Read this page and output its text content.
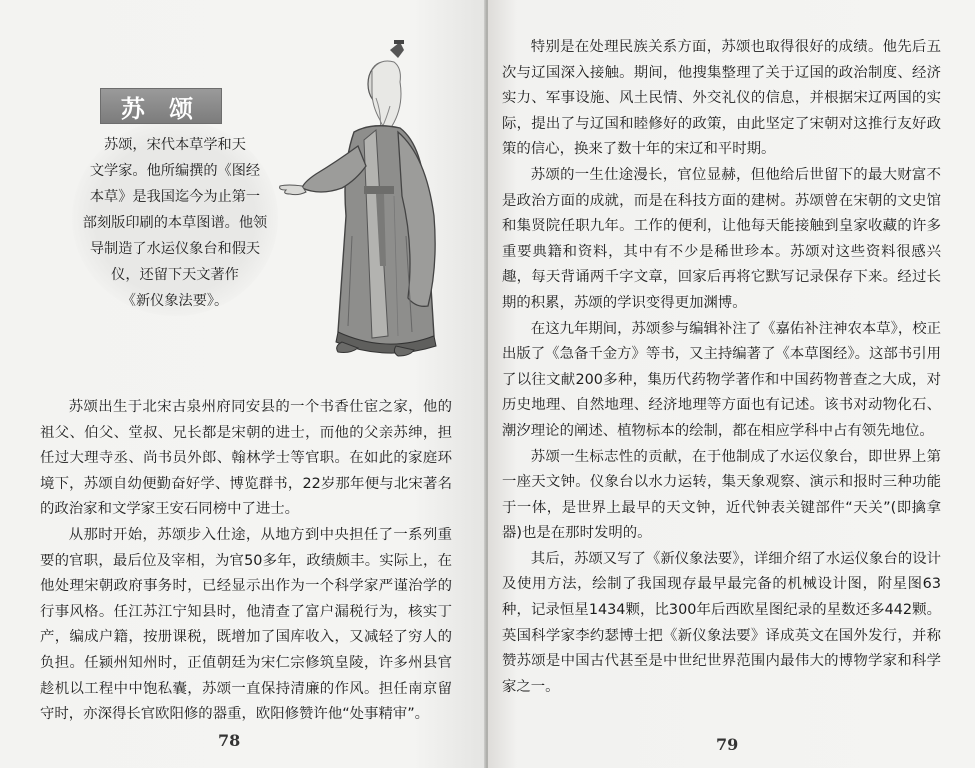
苏 颂

苏颂，宋代本草学和天

文学家。他所编撰的《图经

本草》是我国迄今为止第一

部刻版印刷的本草图谱。他领

导制造了水运仪象台和假天

仪，还留下天文著作

《新仪象法要》。

苏颂出生于北宋古泉州府同安县的一个书香仕宦之家，他的祖父、伯父、堂叔、兄长都是宋朝的进士，而他的父亲苏绅，担任过大理寺丞、尚书员外郎、翰林学士等官职。在如此的家庭环境下，苏颂自幼便勤奋好学、博览群书，22岁那年便与北宋著名的政治家和文学家王安石同榜中了进士。

从那时开始，苏颂步入仕途，从地方到中央担任了一系列重要的官职，最后位及宰相，为官50多年，政绩颇丰。实际上，在他处理宋朝政府事务时，已经显示出作为一个科学家严谨治学的行事风格。任江苏江宁知县时，他清查了富户漏税行为，核实丁产，编成户籍，按册课税，既增加了国库收入，又减轻了穷人的负担。任颍州知州时，正值朝廷为宋仁宗修筑皇陵，许多州县官趁机以工程中中饱私囊，苏颂一直保持清廉的作风。担任南京留守时，亦深得长官欧阳修的器重，欧阳修赞许他“处事精审”。

78

特别是在处理民族关系方面，苏颂也取得很好的成绩。他先后五次与辽国深入接触。期间，他搜集整理了关于辽国的政治制度、经济实力、军事设施、风土民情、外交礼仪的信息，并根据宋辽两国的实际，提出了与辽国和睦修好的政策，由此坚定了宋朝对这推行友好政策的信心，换来了数十年的宋辽和平时期。

苏颂的一生仕途漫长，官位显赫，但他给后世留下的最大财富不是政治方面的成就，而是在科技方面的建树。苏颂曾在宋朝的文史馆和集贤院任职九年。工作的便利，让他每天能接触到皇家收藏的许多重要典籍和资料，其中有不少是稀世珍本。苏颂对这些资料很感兴趣，每天背诵两千字文章，回家后再将它默写记录保存下来。经过长期的积累，苏颂的学识变得更加渊博。

在这九年期间，苏颂参与编辑补注了《嘉佑补注神农本草》，校正出版了《急备千金方》等书，又主持编著了《本草图经》。这部书引用了以往文献200多种，集历代药物学著作和中国药物普查之大成，对历史地理、自然地理、经济地理等方面也有记述。该书对动物化石、潮汐理论的阐述、植物标本的绘制，都在相应学科中占有领先地位。

苏颂一生标志性的贡献，在于他制成了水运仪象台，即世界上第一座天文钟。仪象台以水力运转，集天象观察、演示和报时三种功能于一体，是世界上最早的天文钟，近代钟表关键部件“天关”(即擒拿器)也是在那时发明的。

其后，苏颂又写了《新仪象法要》，详细介绍了水运仪象台的设计及使用方法，绘制了我国现存最早最完备的机械设计图，附星图63种，记录恒星1434颗，比300年后西欧星图纪录的星数还多442颗。英国科学家李约瑟博士把《新仪象法要》译成英文在国外发行，并称赞苏颂是中国古代甚至是中世纪世界范围内最伟大的博物学家和科学家之一。

79
